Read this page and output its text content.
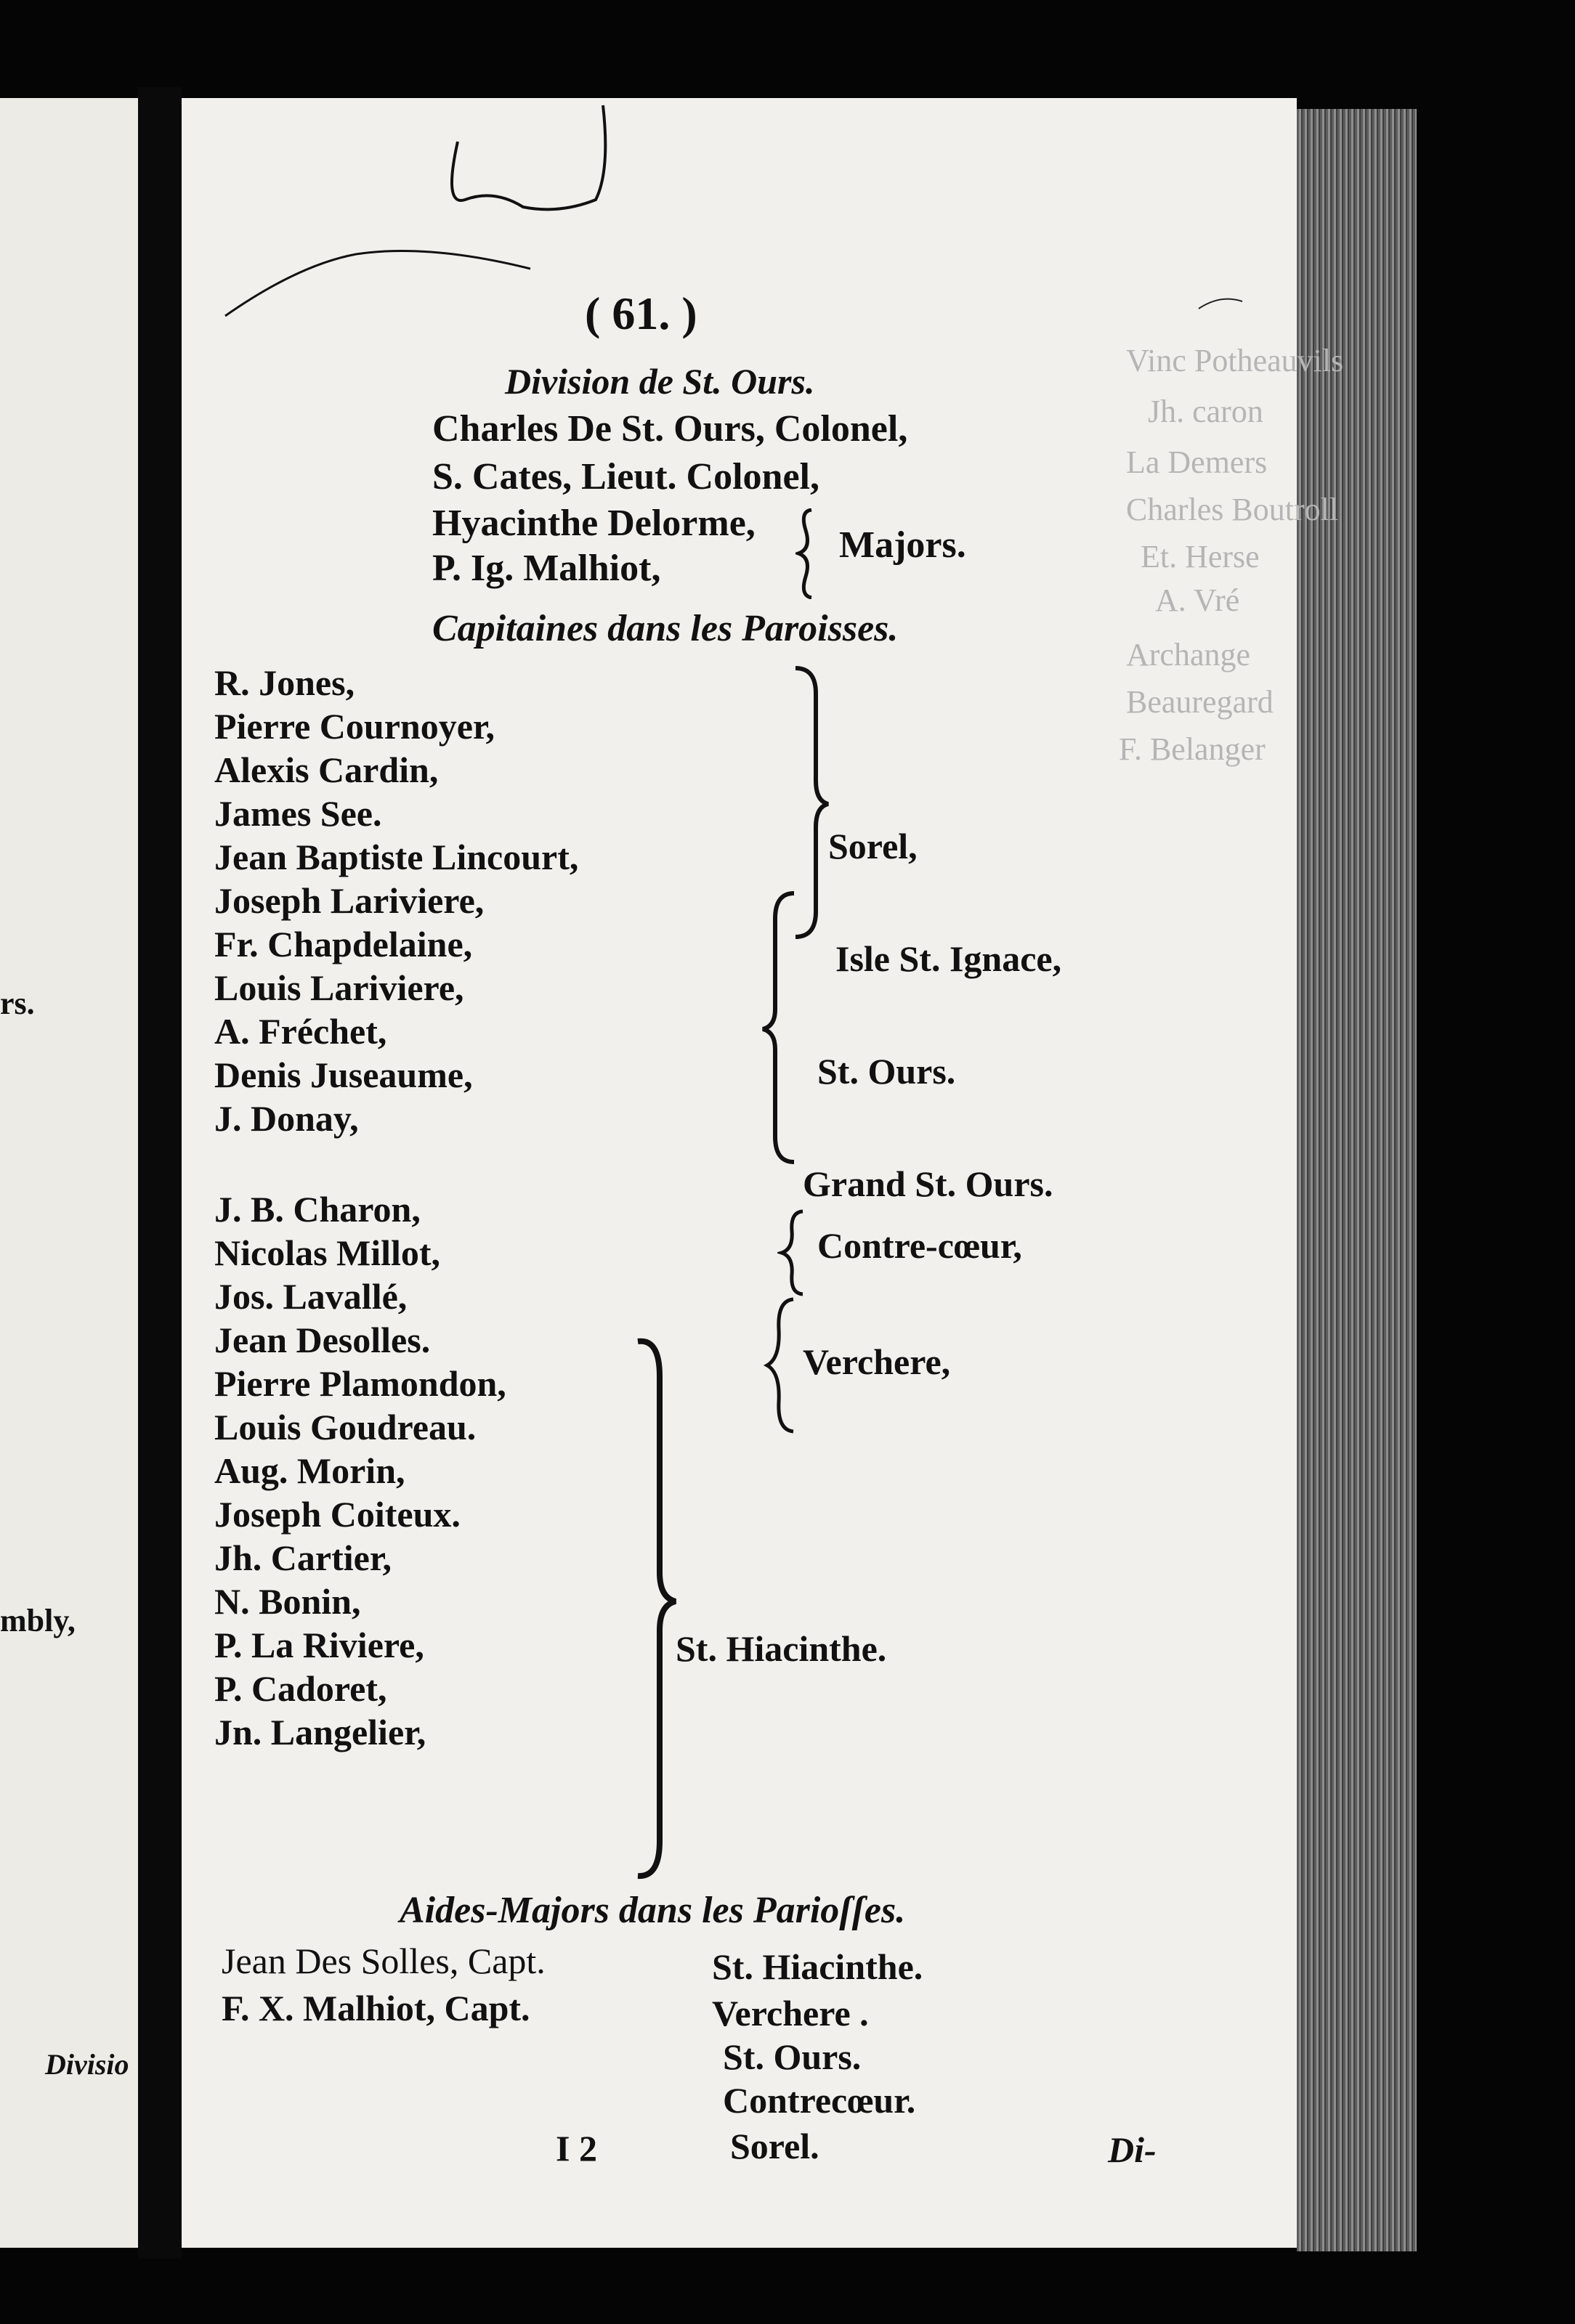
rs.
mbly,
Divisio
Vinc Potheauvils
Jh. caron
La Demers
Charles Boutroll
Et. Herse
A. Vré
Archange
Beauregard
F. Belanger
( 61. )
Division de St. Ours.
Charles De St. Ours, Colonel,
S. Cates, Lieut. Colonel,
Hyacinthe Delorme,
P. Ig. Malhiot,
Majors.
Capitaines dans les Paroisses.
R. Jones,
Pierre Cournoyer,
Alexis Cardin,
James See.
Jean Baptiste Lincourt,
Joseph Lariviere,
Fr. Chapdelaine,
Louis Lariviere,
A. Fréchet,
Denis Juseaume,
J. Donay,
J. B. Charon,
Nicolas Millot,
Jos. Lavallé,
Jean Desolles.
Pierre Plamondon,
Louis Goudreau.
Aug. Morin,
Joseph Coiteux.
Jh. Cartier,
N. Bonin,
P. La Riviere,
P. Cadoret,
Jn. Langelier,
Sorel,
Isle St. Ignace,
St. Ours.
Grand St. Ours.
Contre-cœur,
Verchere,
St. Hiacinthe.
Aides-Majors dans les Parioſſes.
Jean Des Solles, Capt.
F. X. Malhiot, Capt.
St. Hiacinthe.
Verchere .
St. Ours.
Contrecœur.
Sorel.
I 2	Di-
